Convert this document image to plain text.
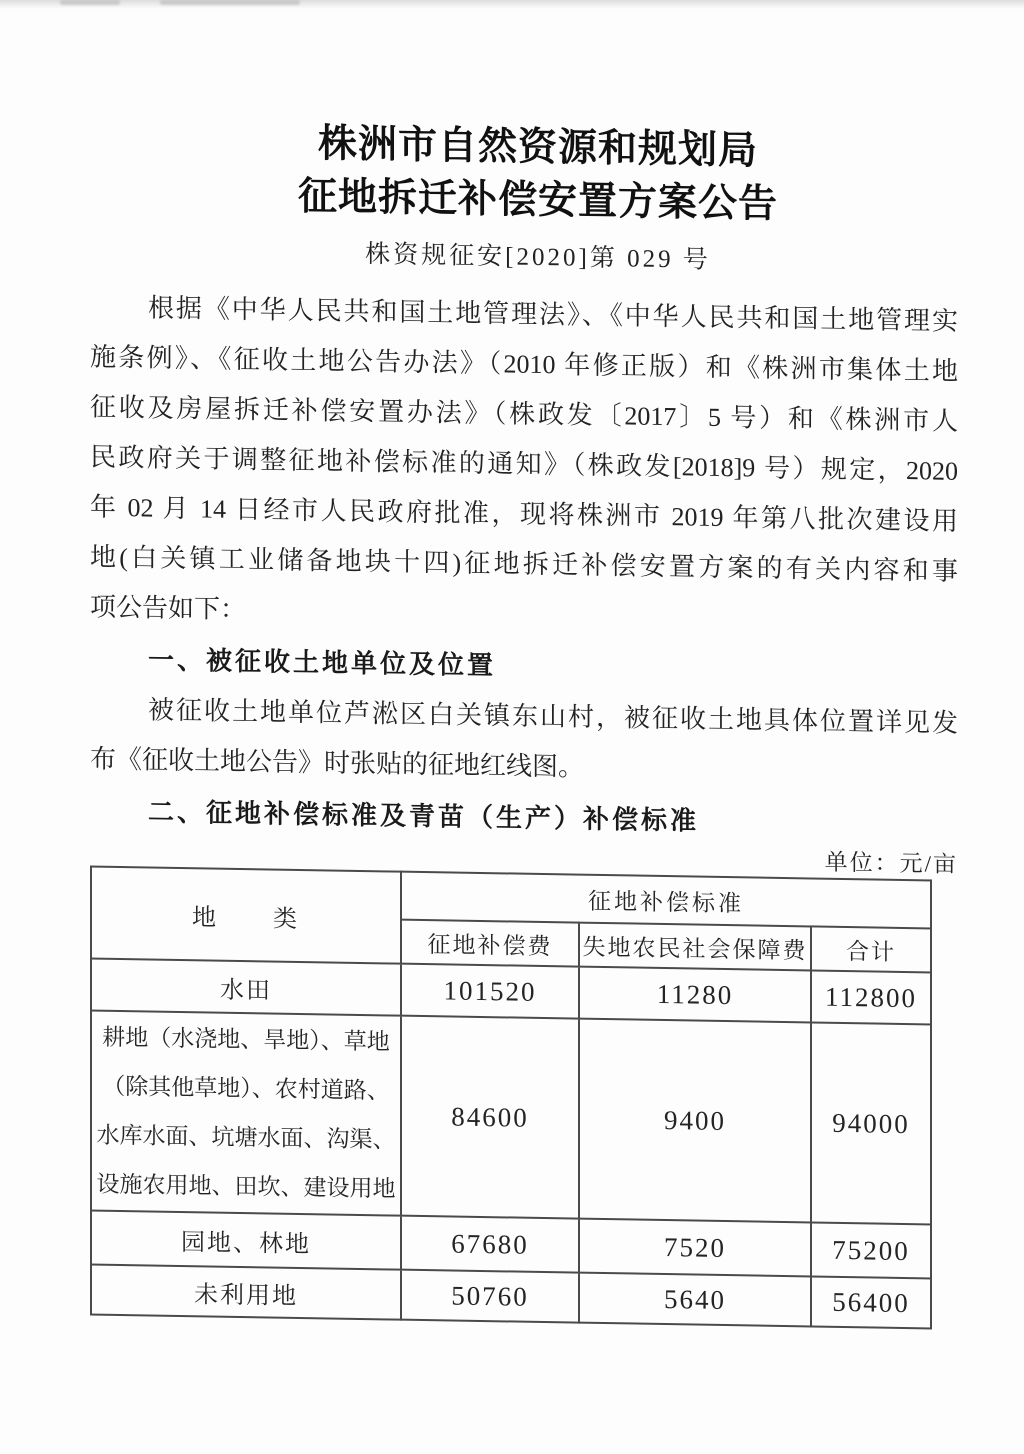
株洲市自然资源和规划局
征地拆迁补偿安置方案公告
株资规征安[2020]第 029 号
根据《中华人民共和国土地管理法》、《中华人民共和国土地管理实
施条例》、《征收土地公告办法》（2010 年修正版）和《株洲市集体土地
征收及房屋拆迁补偿安置办法》（株政发〔2017〕5 号）和《株洲市人
民政府关于调整征地补偿标准的通知》（株政发[2018]9 号）规定，2020
年 02 月 14 日经市人民政府批准，现将株洲市 2019 年第八批次建设用
地(白关镇工业储备地块十四)征地拆迁补偿安置方案的有关内容和事
项公告如下：
一、被征收土地单位及位置
被征收土地单位芦淞区白关镇东山村，被征收土地具体位置详见发
布《征收土地公告》时张贴的征地红线图。
二、征地补偿标准及青苗（生产）补偿标准
单位：元/亩
地　　类	征地补偿标准		
	征地补偿费	失地农民社会保障费	合计
水田	101520	11280	112800
耕地（水浇地、旱地）、草地（除其他草地）、农村道路、水库水面、坑塘水面、沟渠、设施农用地、田坎、建设用地	84600	9400	94000
园地、林地	67680	7520	75200
未利用地	50760	5640	56400
